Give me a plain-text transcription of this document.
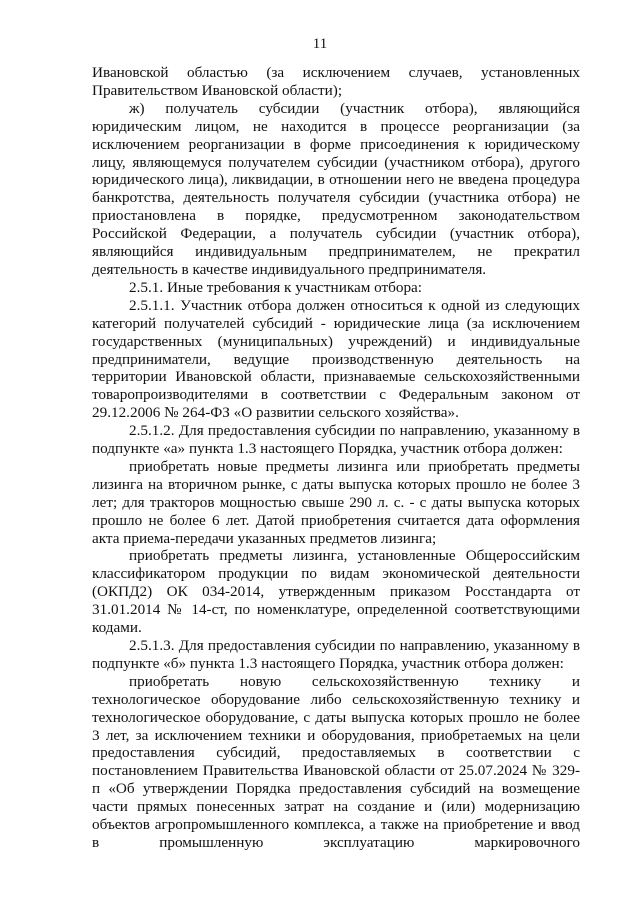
11

Ивановской областью (за исключением случаев, установленных Правительством Ивановской области);

ж) получатель субсидии (участник отбора), являющийся юридическим лицом, не находится в процессе реорганизации (за исключением реорганизации в форме присоединения к юридическому лицу, являющемуся получателем субсидии (участником отбора), другого юридического лица), ликвидации, в отношении него не введена процедура банкротства, деятельность получателя субсидии (участника отбора) не приостановлена в порядке, предусмотренном законодательством Российской Федерации, а получатель субсидии (участник отбора), являющийся индивидуальным предпринимателем, не прекратил деятельность в качестве индивидуального предпринимателя.

2.5.1. Иные требования к участникам отбора:

2.5.1.1. Участник отбора должен относиться к одной из следующих категорий получателей субсидий - юридические лица (за исключением государственных (муниципальных) учреждений) и индивидуальные предприниматели, ведущие производственную деятельность на территории Ивановской области, признаваемые сельскохозяйственными товаропроизводителями в соответствии с Федеральным законом от 29.12.2006 № 264-ФЗ «О развитии сельского хозяйства».

2.5.1.2. Для предоставления субсидии по направлению, указанному в подпункте «а» пункта 1.3 настоящего Порядка, участник отбора должен:

приобретать новые предметы лизинга или приобретать предметы лизинга на вторичном рынке, с даты выпуска которых прошло не более 3 лет; для тракторов мощностью свыше 290 л. с. - с даты выпуска которых прошло не более 6 лет. Датой приобретения считается дата оформления акта приема-передачи указанных предметов лизинга;

приобретать предметы лизинга, установленные Общероссийским классификатором продукции по видам экономической деятельности (ОКПД2) ОК 034-2014, утвержденным приказом Росстандарта от 31.01.2014 № 14-ст, по номенклатуре, определенной соответствующими кодами.

2.5.1.3. Для предоставления субсидии по направлению, указанному в подпункте «б» пункта 1.3 настоящего Порядка, участник отбора должен:

приобретать новую сельскохозяйственную технику и технологическое оборудование либо сельскохозяйственную технику и технологическое оборудование, с даты выпуска которых прошло не более 3 лет, за исключением техники и оборудования, приобретаемых на цели предоставления субсидий, предоставляемых в соответствии с постановлением Правительства Ивановской области от 25.07.2024 № 329-п «Об утверждении Порядка предоставления субсидий на возмещение части прямых понесенных затрат на создание и (или) модернизацию объектов агропромышленного комплекса, а также на приобретение и ввод в промышленную эксплуатацию маркировочного
